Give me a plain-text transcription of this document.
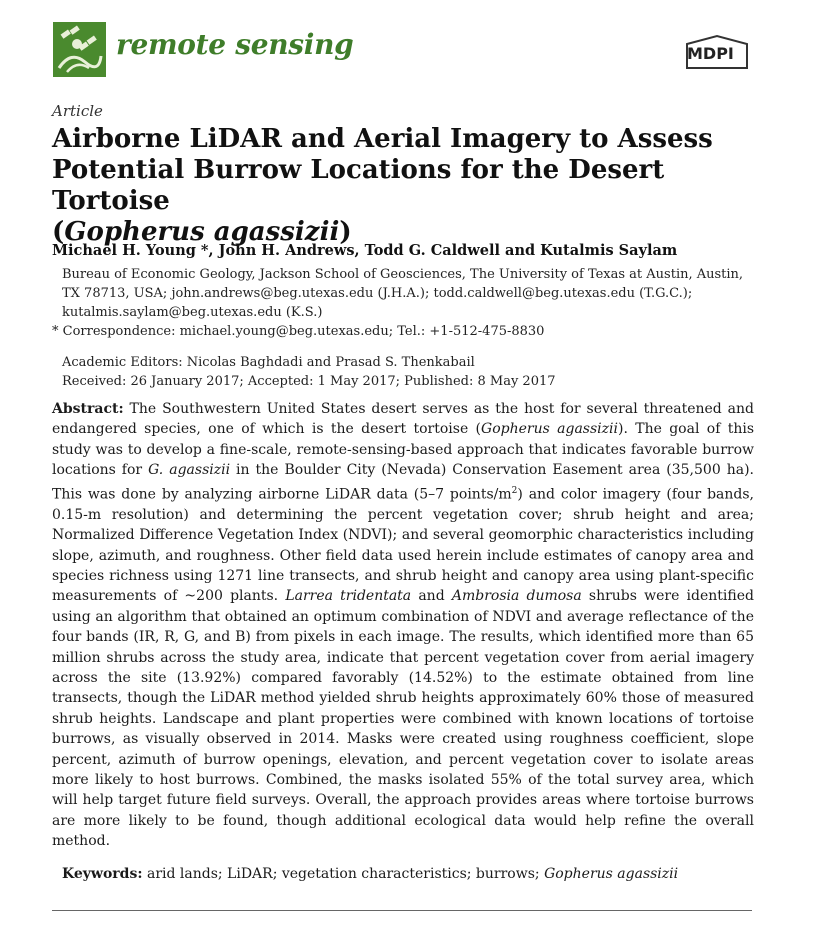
remote sensing	MDPI
Article
Airborne LiDAR and Aerial Imagery to Assess
Potential Burrow Locations for the Desert Tortoise
(Gopherus agassizii)
Michael H. Young *, John H. Andrews, Todd G. Caldwell and Kutalmis Saylam
Bureau of Economic Geology, Jackson School of Geosciences, The University of Texas at Austin, Austin,
TX 78713, USA; john.andrews@beg.utexas.edu (J.H.A.); todd.caldwell@beg.utexas.edu (T.G.C.);
kutalmis.saylam@beg.utexas.edu (K.S.)
* Correspondence: michael.young@beg.utexas.edu; Tel.: +1-512-475-8830
Academic Editors: Nicolas Baghdadi and Prasad S. Thenkabail
Received: 26 January 2017; Accepted: 1 May 2017; Published: 8 May 2017
Abstract: The Southwestern United States desert serves as the host for several threatened and endangered species, one of which is the desert tortoise (Gopherus agassizii). The goal of this study was to develop a fine-scale, remote-sensing-based approach that indicates favorable burrow locations for G. agassizii in the Boulder City (Nevada) Conservation Easement area (35,500 ha). This was done by analyzing airborne LiDAR data (5–7 points/$m^2$) and color imagery (four bands, 0.15-m resolution) and determining the percent vegetation cover; shrub height and area; Normalized Difference Vegetation Index (NDVI); and several geomorphic characteristics including slope, azimuth, and roughness. Other field data used herein include estimates of canopy area and species richness using 1271 line transects, and shrub height and canopy area using plant-specific measurements of ~200 plants. Larrea tridentata and Ambrosia dumosa shrubs were identified using an algorithm that obtained an optimum combination of NDVI and average reflectance of the four bands (IR, R, G, and B) from pixels in each image. The results, which identified more than 65 million shrubs across the study area, indicate that percent vegetation cover from aerial imagery across the site (13.92%) compared favorably (14.52%) to the estimate obtained from line transects, though the LiDAR method yielded shrub heights approximately 60% those of measured shrub heights. Landscape and plant properties were combined with known locations of tortoise burrows, as visually observed in 2014. Masks were created using roughness coefficient, slope percent, azimuth of burrow openings, elevation, and percent vegetation cover to isolate areas more likely to host burrows. Combined, the masks isolated 55% of the total survey area, which will help target future field surveys. Overall, the approach provides areas where tortoise burrows are more likely to be found, though additional ecological data would help refine the overall method.
Keywords: arid lands; LiDAR; vegetation characteristics; burrows; Gopherus agassizii
